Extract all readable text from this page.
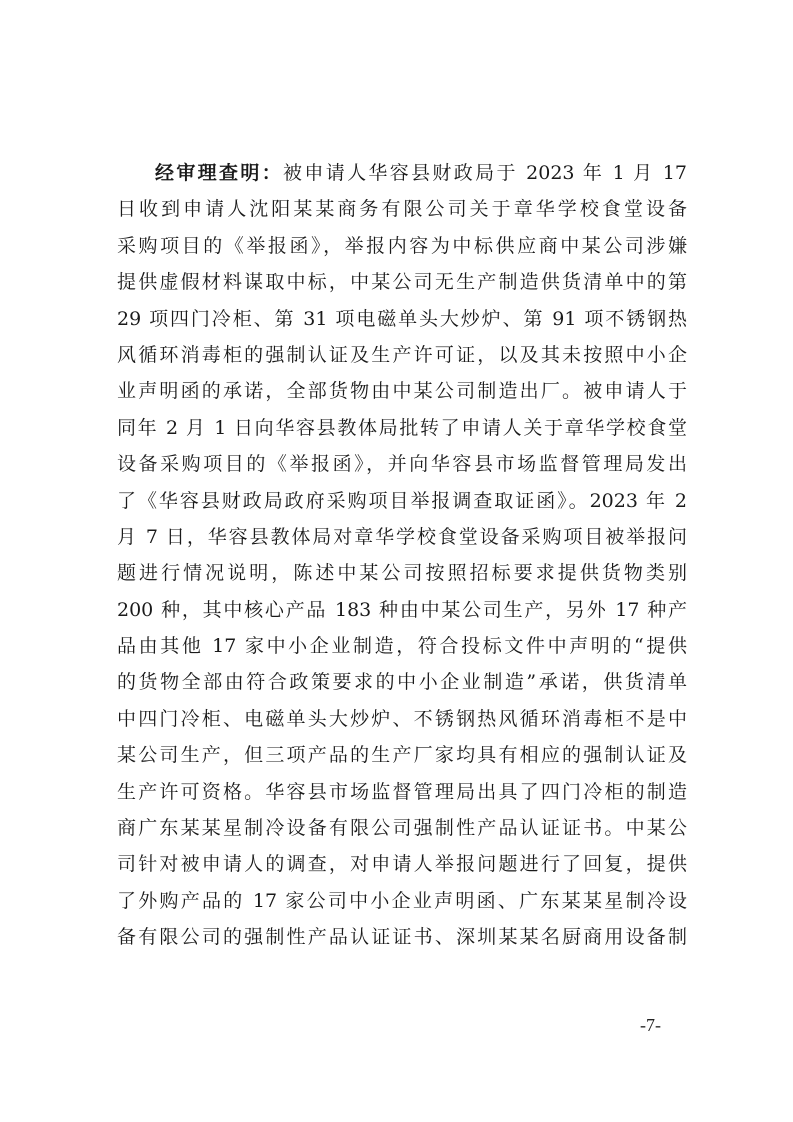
经审理查明：被申请人华容县财政局于 2023 年 1 月 17
日收到申请人沈阳某某商务有限公司关于章华学校食堂设备
采购项目的《举报函》，举报内容为中标供应商中某公司涉嫌
提供虚假材料谋取中标，中某公司无生产制造供货清单中的第
29 项四门冷柜、第 31 项电磁单头大炒炉、第 91 项不锈钢热
风循环消毒柜的强制认证及生产许可证，以及其未按照中小企
业声明函的承诺，全部货物由中某公司制造出厂。被申请人于
同年 2 月 1 日向华容县教体局批转了申请人关于章华学校食堂
设备采购项目的《举报函》，并向华容县市场监督管理局发出
了《华容县财政局政府采购项目举报调查取证函》。2023 年 2
月 7 日，华容县教体局对章华学校食堂设备采购项目被举报问
题进行情况说明，陈述中某公司按照招标要求提供货物类别
200 种，其中核心产品 183 种由中某公司生产，另外 17 种产
品由其他 17 家中小企业制造，符合投标文件中声明的“提供
的货物全部由符合政策要求的中小企业制造”承诺，供货清单
中四门冷柜、电磁单头大炒炉、不锈钢热风循环消毒柜不是中
某公司生产，但三项产品的生产厂家均具有相应的强制认证及
生产许可资格。华容县市场监督管理局出具了四门冷柜的制造
商广东某某星制冷设备有限公司强制性产品认证证书。中某公
司针对被申请人的调查，对申请人举报问题进行了回复，提供
了外购产品的 17 家公司中小企业声明函、广东某某星制冷设
备有限公司的强制性产品认证证书、深圳某某名厨商用设备制
-7-
